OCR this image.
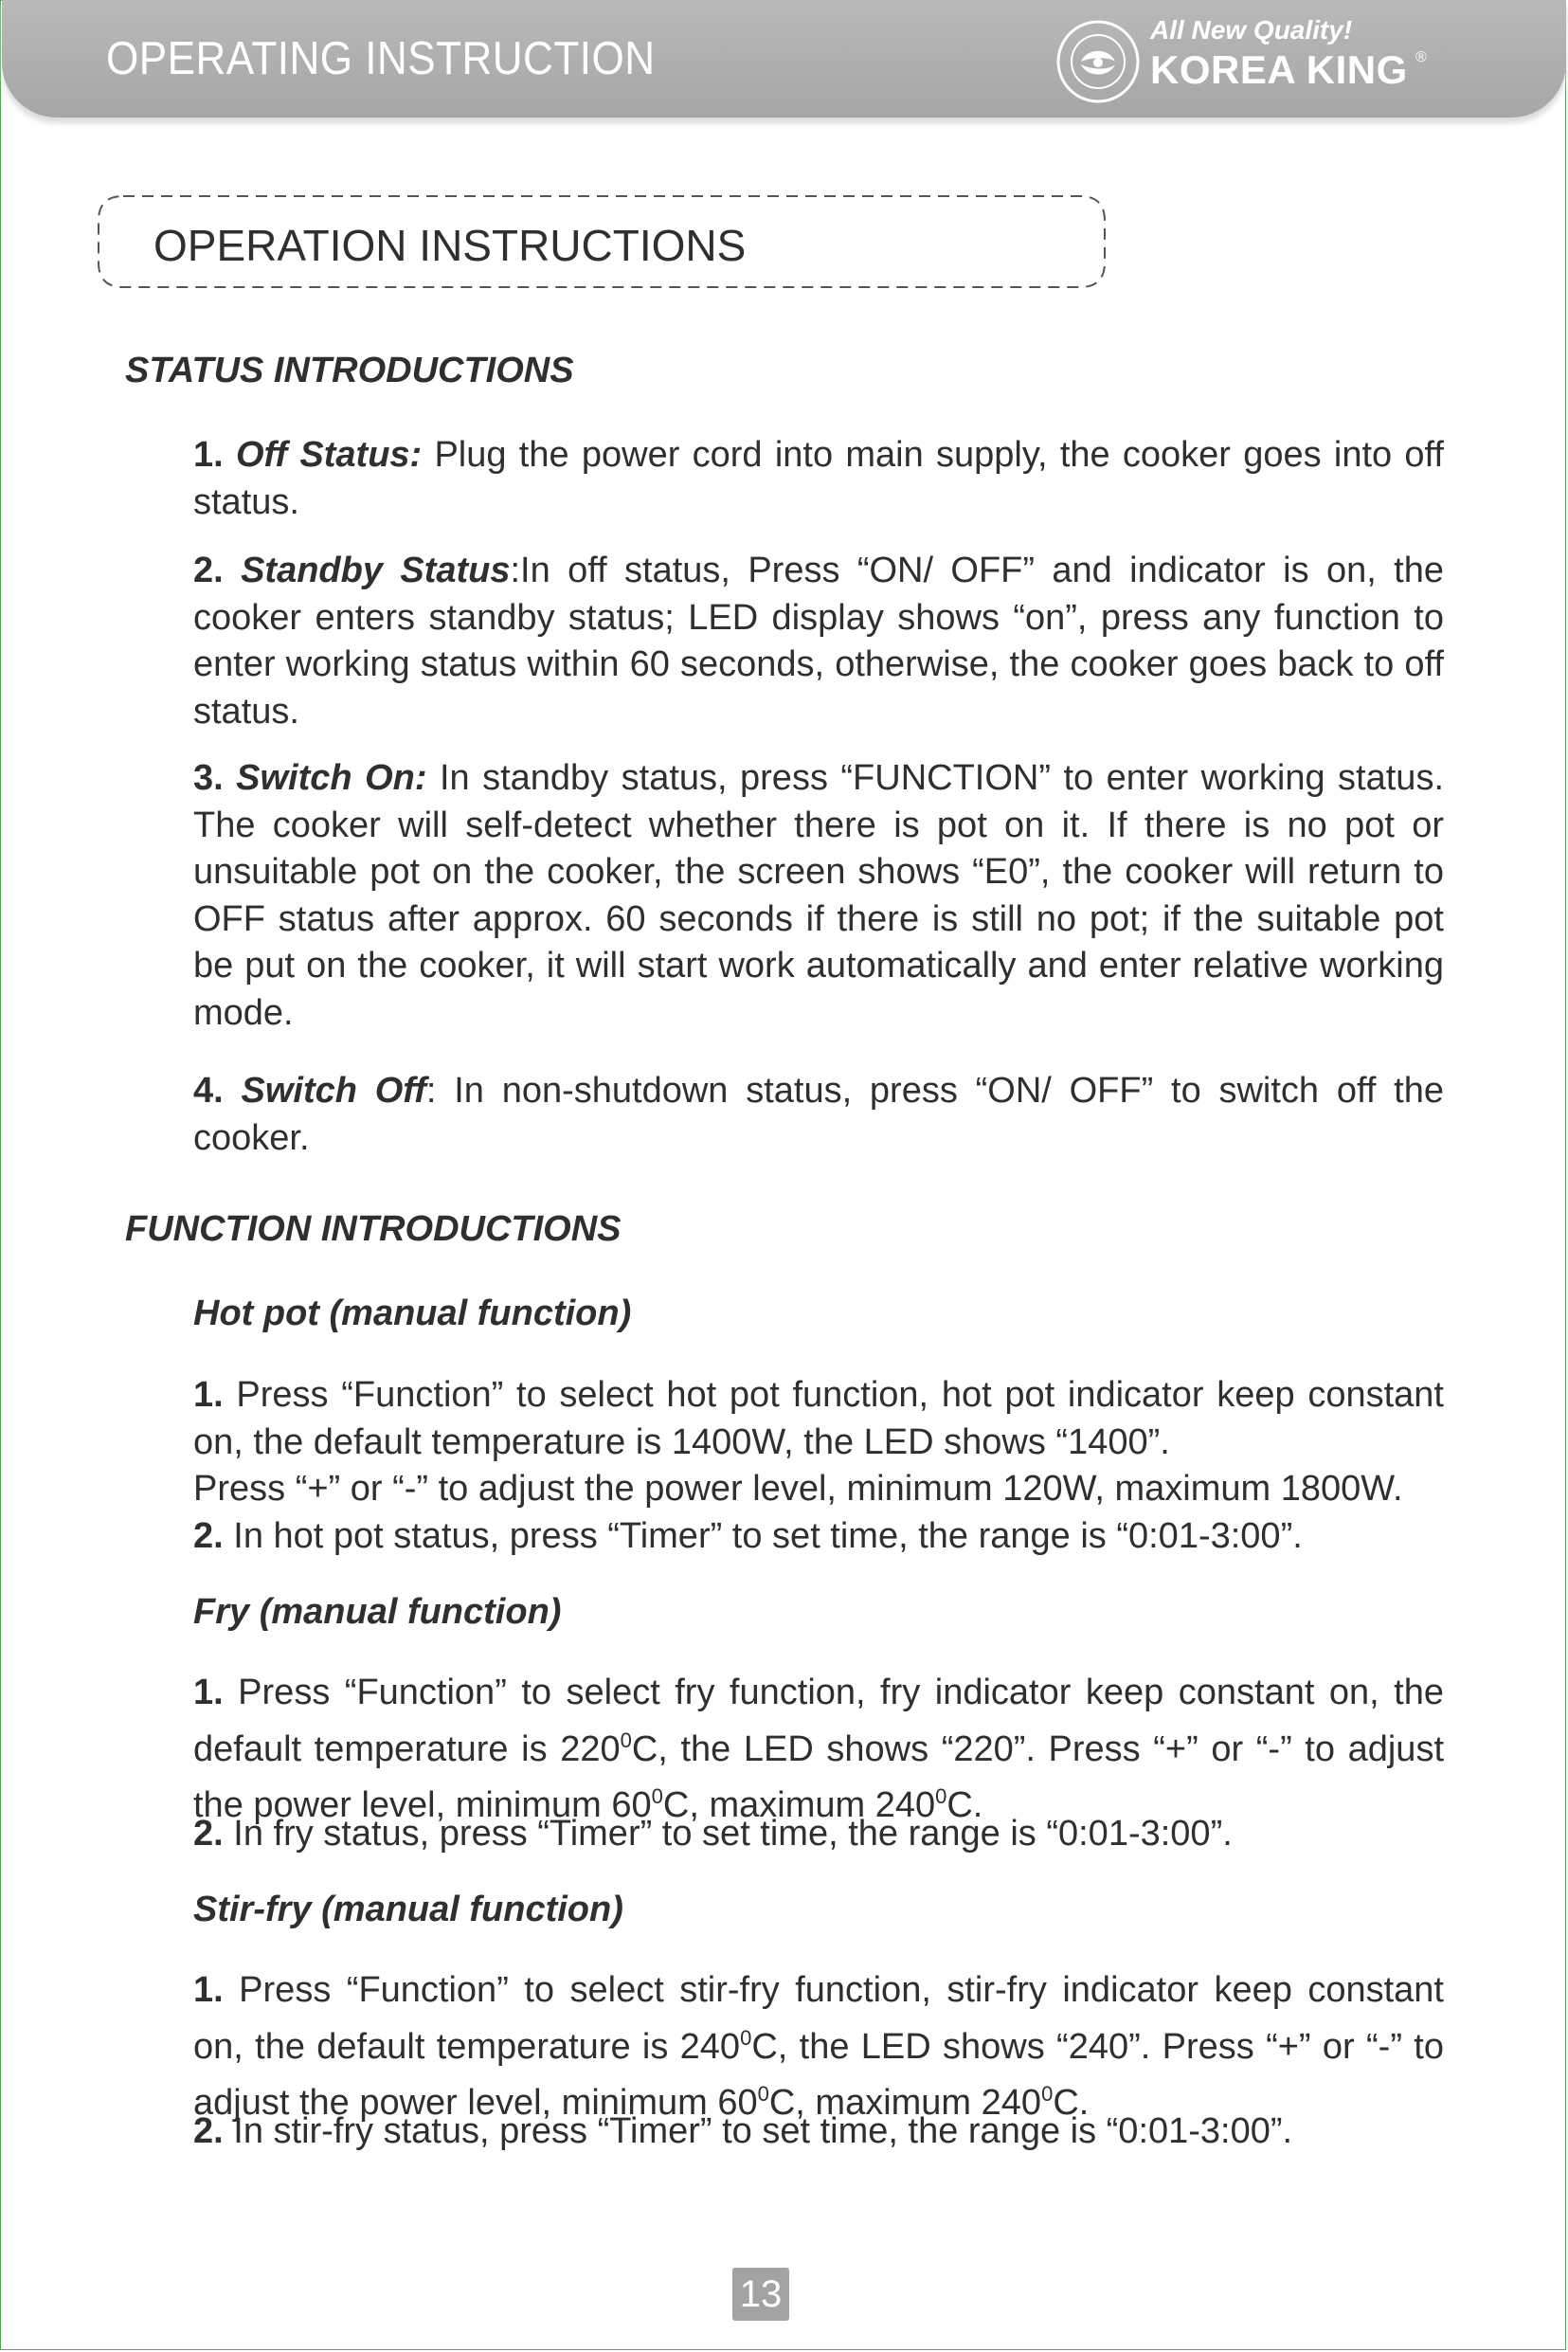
OPERATING INSTRUCTION
All New Quality!
KOREA KING ®
OPERATION INSTRUCTIONS
STATUS INTRODUCTIONS
1. Off Status: Plug the power cord into main supply, the cooker goes into off status.
2. Standby Status:In off status, Press “ON/ OFF” and indicator is on, the cooker enters standby status; LED display shows “on”, press any function to enter working status within 60 seconds, otherwise, the cooker goes back to off status.
3. Switch On: In standby status, press “FUNCTION” to enter working status. The cooker will self-detect whether there is pot on it. If there is no pot or unsuitable pot on the cooker, the screen shows “E0”, the cooker will return to OFF status after approx. 60 seconds if there is still no pot; if the suitable pot be put on the cooker, it will start work automatically and enter relative working mode.
4. Switch Off: In non-shutdown status, press “ON/ OFF” to switch off the cooker.
FUNCTION INTRODUCTIONS
Hot pot (manual function)
1. Press “Function” to select hot pot function, hot pot indicator keep constant on, the default temperature is 1400W, the LED shows “1400”.
Press “+” or “-” to adjust the power level, minimum 120W, maximum 1800W.
2. In hot pot status, press “Timer” to set time, the range is “0:01-3:00”.
Fry (manual function)
1. Press “Function” to select fry function, fry indicator keep constant on, the default temperature is $220^0C$, the LED shows “220”. Press “+” or “-” to adjust the power level, minimum $60^0C$, maximum $240^0C$.
2. In fry status, press “Timer” to set time, the range is “0:01-3:00”.
Stir-fry (manual function)
1. Press “Function” to select stir-fry function, stir-fry indicator keep constant on, the default temperature is $240^0C$, the LED shows “240”. Press “+” or “-” to adjust the power level, minimum $60^0C$, maximum $240^0C$.
2. In stir-fry status, press “Timer” to set time, the range is “0:01-3:00”.
13
